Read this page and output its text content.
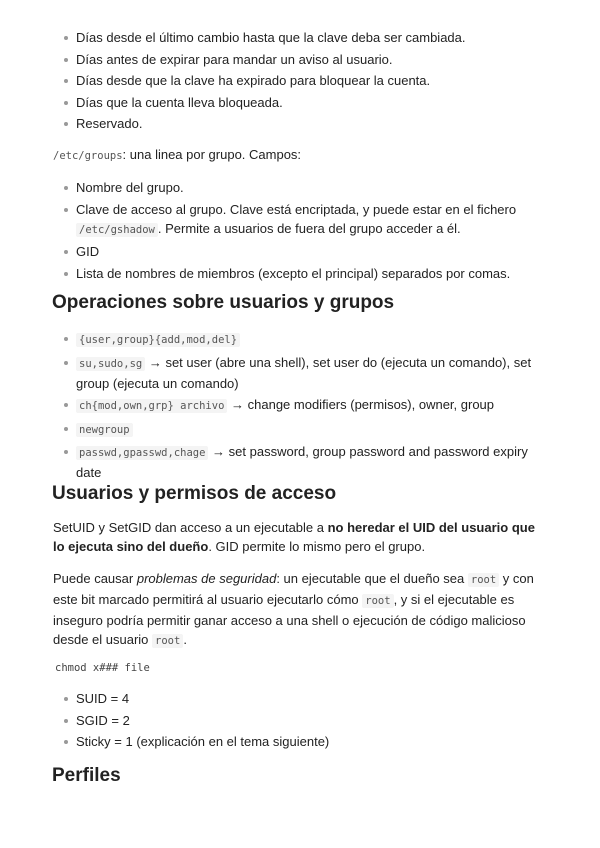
Días desde el último cambio hasta que la clave deba ser cambiada.
Días antes de expirar para mandar un aviso al usuario.
Días desde que la clave ha expirado para bloquear la cuenta.
Días que la cuenta lleva bloqueada.
Reservado.

/etc/groups: una linea por grupo. Campos:

Nombre del grupo.
Clave de acceso al grupo. Clave está encriptada, y puede estar en el fichero /etc/gshadow . Permite a usuarios de fuera del grupo acceder a él.
GID
Lista de nombres de miembros (excepto el principal) separados por comas.
Operaciones sobre usuarios y grupos
{user,group}{add,mod,del}
su,sudo,sg → set user (abre una shell), set user do (ejecuta un comando), set group (ejecuta un comando)
ch{mod,own,grp} archivo → change modifiers (permisos), owner, group
newgroup
passwd,gpasswd,chage → set password, group password and password expiry date
Usuarios y permisos de acceso

SetUID y SetGID dan acceso a un ejecutable a no heredar el UID del usuario que lo ejecuta sino del dueño. GID permite lo mismo pero el grupo.

Puede causar problemas de seguridad: un ejecutable que el dueño sea root y con este bit marcado permitirá al usuario ejecutarlo cómo root , y si el ejecutable es inseguro podría permitir ganar acceso a una shell o ejecución de código malicioso desde el usuario root .

chmod x### file
SUID = 4
SGID = 2
Sticky = 1 (explicación en el tema siguiente)
Perfiles
